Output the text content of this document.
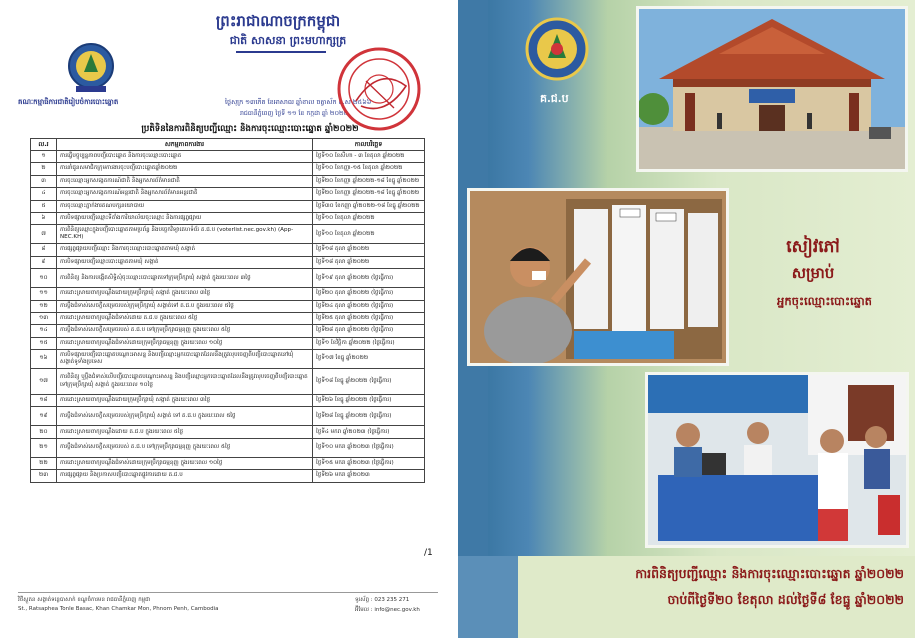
ព្រះរាជាណាចក្រកម្ពុជា
ជាតិ សាសនា ព្រះមហាក្សត្រ
គណៈកម្មាធិការជាតិរៀបចំការបោះឆ្នោត	ថ្ងៃសុក្រ ១៣កើត ខែអាសាឍ ឆ្នាំខាល ចត្វាស័ក ព.ស ២៥៦៦
រាជធានីភ្នំពេញ ថ្ងៃទី ១១ ខែ កក្កដា ឆ្នាំ ២០២២
ប្រតិទិននៃការពិនិត្យបញ្ជីឈ្មោះ និងការចុះឈ្មោះបោះឆ្នោត ឆ្នាំ២០២២
ល.រ	សកម្មភាពការងារ	កាលបរិច្ឆេទ
១	ការធ្វើបច្ចុប្បន្នភាពបញ្ជីបោះឆ្នោត និងការចុះឈ្មោះបោះឆ្នោត	ថ្ងៃទី១០ ខែសីហា - ៣ ខែតុលា ឆ្នាំ២០២២
២	ការនាំជូនសមាជិកក្រុមការងារចុះបញ្ជីបោះឆ្នោតឆ្នាំ២០២២	ថ្ងៃទី១០ ខែកញ្ញា-១៥ ខែតុលា ឆ្នាំ២០២២
៣	ការចុះឈ្មោះអ្នកសង្កេតការណ៍ជាតិ និងអ្នកសារព័ត៌មានជាតិ	ថ្ងៃទី២០ ខែកញ្ញា ឆ្នាំ២០២២-១៨ ខែធ្នូ ឆ្នាំ២០២២
៤	ការចុះឈ្មោះអ្នកសង្កេតការណ៍អន្តរជាតិ និងអ្នកសារព័ត៌មានអន្តរជាតិ	ថ្ងៃទី២០ ខែកញ្ញា ឆ្នាំ២០២២-១៨ ខែធ្នូ ឆ្នាំ២០២២
៥	ការចុះឈ្មោះភ្នាក់ងារគណបក្សនយោបាយ	ថ្ងៃទី៣០ ខែកញ្ញា ឆ្នាំ២០២២-១៨ ខែធ្នូ ឆ្នាំ២០២២
៦	ការបិទផ្សាយបញ្ជីឈ្មោះទីតាំងការិយាល័យចុះឈ្មោះ និងការផ្សព្វផ្សាយ	ថ្ងៃទី១០ ខែតុលា ឆ្នាំ២០២២
៧	ការពិនិត្យឈ្មោះក្នុងបញ្ជីបោះឆ្នោតតាមប្រព័ន្ធ និងបច្ចេកវិទ្យាគេហទំព័រ គ.ជ.ប (voterlist.nec.gov.kh) (App-NEC.KH)	ថ្ងៃទី១០ ខែតុលា ឆ្នាំ២០២២
៨	ការផ្សព្វផ្សាយបញ្ជីឈ្មោះ និងការចុះឈ្មោះបោះឆ្នោតតាមឃុំ សង្កាត់	ថ្ងៃទី១៨ តុលា ឆ្នាំ២០២២
៩	ការបិទផ្សាយបញ្ជីឈ្មោះបោះឆ្នោតតាមឃុំ សង្កាត់	ថ្ងៃទី១៨ តុលា ឆ្នាំ២០២២
១០	ការពិនិត្យ និងការបង្កើតសិទ្ធិសុំចុះឈ្មោះបោះឆ្នោតទៅក្រុមប្រឹក្សាឃុំ សង្កាត់ ក្នុងរយៈពេល ៣ថ្ងៃ	ថ្ងៃទី១៩ តុលា ឆ្នាំ២០២២ (ថ្ងៃធ្វើការ)
១១	ការដោះស្រាយពាក្យបណ្តឹងដោយក្រុមប្រឹក្សាឃុំ សង្កាត់ ក្នុងរយៈពេល ៣ថ្ងៃ	ថ្ងៃទី២០ តុលា ឆ្នាំ២០២២ (ថ្ងៃធ្វើការ)
១២	ការប្តឹងជំទាស់សេចក្តីសម្រេចរបស់ក្រុមប្រឹក្សាឃុំ សង្កាត់ទៅ គ.ជ.ប ក្នុងរយៈពេល ៥ថ្ងៃ	ថ្ងៃទី២៤ តុលា ឆ្នាំ២០២២ (ថ្ងៃធ្វើការ)
១៣	ការដោះស្រាយពាក្យបណ្តឹងជំទាស់ដោយ គ.ជ.ប ក្នុងរយៈពេល ៥ថ្ងៃ	ថ្ងៃទី២៥ តុលា ឆ្នាំ២០២២ (ថ្ងៃធ្វើការ)
១៤	ការប្តឹងជំទាស់សេចក្តីសម្រេចរបស់ គ.ជ.ប ទៅក្រុមប្រឹក្សាធម្មនុញ្ញ ក្នុងរយៈពេល ៥ថ្ងៃ	ថ្ងៃទី២៨ តុលា ឆ្នាំ២០២២ (ថ្ងៃធ្វើការ)
១៥	ការដោះស្រាយពាក្យបណ្តឹងជំទាស់ដោយក្រុមប្រឹក្សាធម្មនុញ្ញ ក្នុងរយៈពេល ១០ថ្ងៃ	ថ្ងៃទី១ ខែវិច្ឆិកា ឆ្នាំ២០២២ (ថ្ងៃធ្វើការ)
១៦	ការបិទផ្សាយបញ្ជីបោះឆ្នោតបណ្តោះអាសន្ន និងបញ្ជីឈ្មោះអ្នកបោះឆ្នោតដែលនឹងត្រូវលុបចេញពីបញ្ជីបោះឆ្នោតនៅឃុំ សង្កាត់ទូទាំងប្រទេស	ថ្ងៃទី១៧ ខែធ្នូ ឆ្នាំ២០២២
១៧	ការពិនិត្យ ឬប្តឹងជំទាស់លើបញ្ជីបោះឆ្នោតបណ្តោះអាសន្ន និងបញ្ជីឈ្មោះអ្នកបោះឆ្នោតដែលនឹងត្រូវលុបចេញពីបញ្ជីបោះឆ្នោតទៅក្រុមប្រឹក្សាឃុំ សង្កាត់ ក្នុងរយៈពេល ១០ថ្ងៃ	ថ្ងៃទី១៨ ខែធ្នូ ឆ្នាំ២០២២ (ថ្ងៃធ្វើការ)
១៨	ការដោះស្រាយពាក្យបណ្តឹងដោយក្រុមប្រឹក្សាឃុំ សង្កាត់ ក្នុងរយៈពេល ៣ថ្ងៃ	ថ្ងៃទី២៦ ខែធ្នូ ឆ្នាំ២០២២ (ថ្ងៃធ្វើការ)
១៩	ការប្តឹងជំទាស់សេចក្តីសម្រេចរបស់ក្រុមប្រឹក្សាឃុំ សង្កាត់ ទៅ គ.ជ.ប ក្នុងរយៈពេល ៥ថ្ងៃ	ថ្ងៃទី២៨ ខែធ្នូ ឆ្នាំ២០២២ (ថ្ងៃធ្វើការ)
២០	ការដោះស្រាយពាក្យបណ្តឹងដោយ គ.ជ.ប ក្នុងរយៈពេល ៥ថ្ងៃ	ថ្ងៃទី៤ មករា ឆ្នាំ២០២៣ (ថ្ងៃធ្វើការ)
២១	ការប្តឹងជំទាស់សេចក្តីសម្រេចរបស់ គ.ជ.ប ទៅក្រុមប្រឹក្សាធម្មនុញ្ញ ក្នុងរយៈពេល ៥ថ្ងៃ	ថ្ងៃទី១០ មករា ឆ្នាំ២០២៣ (ថ្ងៃធ្វើការ)
២២	ការដោះស្រាយពាក្យបណ្តឹងជំទាស់ដោយក្រុមប្រឹក្សាធម្មនុញ្ញ ក្នុងរយៈពេល ១០ថ្ងៃ	ថ្ងៃទី១៥ មករា ឆ្នាំ២០២៣ (ថ្ងៃធ្វើការ)
២៣	ការផ្សព្វផ្សាយ និងប្រកាសបញ្ជីបោះឆ្នោតផ្លូវការដោយ គ.ជ.ប	ថ្ងៃទី២៦ មករា ឆ្នាំ២០២៣
/1
វិថីស្ងួតន សង្កាត់ទន្លេបាសាក់ ខណ្ឌចំការមន រាជធានីភ្នំពេញ កម្ពុជា
St., Ratsaphea Tonle Basac, Khan Chamkar Mon, Phnom Penh, Cambodia
ទូរស័ព្ទ : 023 235 271
អ៊ីមែល : info@nec.gov.kh
គ.ជ.ប
សៀវភៅ
សម្រាប់
អ្នកចុះឈ្មោះបោះឆ្នោត
ការពិនិត្យបញ្ជីឈ្មោះ និងការចុះឈ្មោះបោះឆ្នោត ឆ្នាំ២០២២
ចាប់ពីថ្ងៃទី២០ ខែតុលា ដល់ថ្ងៃទី៨ ខែធ្នូ ឆ្នាំ២០២២
